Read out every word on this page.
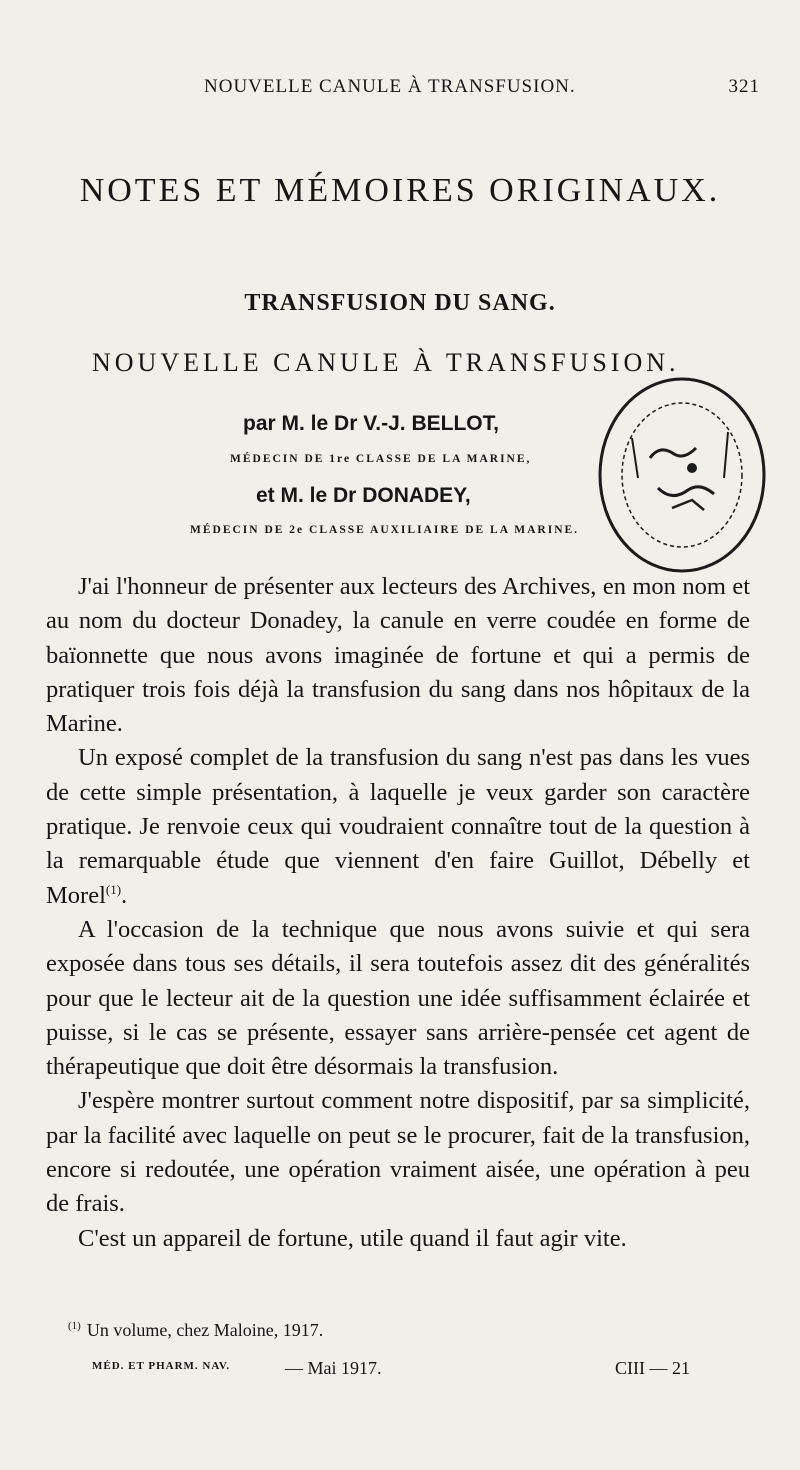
NOUVELLE CANULE À TRANSFUSION.	321
NOTES ET MÉMOIRES ORIGINAUX.
TRANSFUSION DU SANG.
NOUVELLE CANULE À TRANSFUSION.
par M. le Dr V.-J. BELLOT,
MÉDECIN DE 1re CLASSE DE LA MARINE,
et M. le Dr DONADEY,
MÉDECIN DE 2e CLASSE AUXILIAIRE DE LA MARINE.

J'ai l'honneur de présenter aux lecteurs des Archives, en mon nom et au nom du docteur Donadey, la canule en verre coudée en forme de baïonnette que nous avons imaginée de fortune et qui a permis de pratiquer trois fois déjà la transfusion du sang dans nos hôpitaux de la Marine.

Un exposé complet de la transfusion du sang n'est pas dans les vues de cette simple présentation, à laquelle je veux garder son caractère pratique. Je renvoie ceux qui voudraient connaître tout de la question à la remarquable étude que viennent d'en faire Guillot, Débelly et Morel$^{(1)}$.

A l'occasion de la technique que nous avons suivie et qui sera exposée dans tous ses détails, il sera toutefois assez dit des généralités pour que le lecteur ait de la question une idée suffisamment éclairée et puisse, si le cas se présente, essayer sans arrière-pensée cet agent de thérapeutique que doit être désormais la transfusion.

J'espère montrer surtout comment notre dispositif, par sa simplicité, par la facilité avec laquelle on peut se le procurer, fait de la transfusion, encore si redoutée, une opération vraiment aisée, une opération à peu de frais.

C'est un appareil de fortune, utile quand il faut agir vite.

$^{(1)}$ Un volume, chez Maloine, 1917.
MÉD. ET PHARM. NAV.	— Mai 1917.	CIII — 21
